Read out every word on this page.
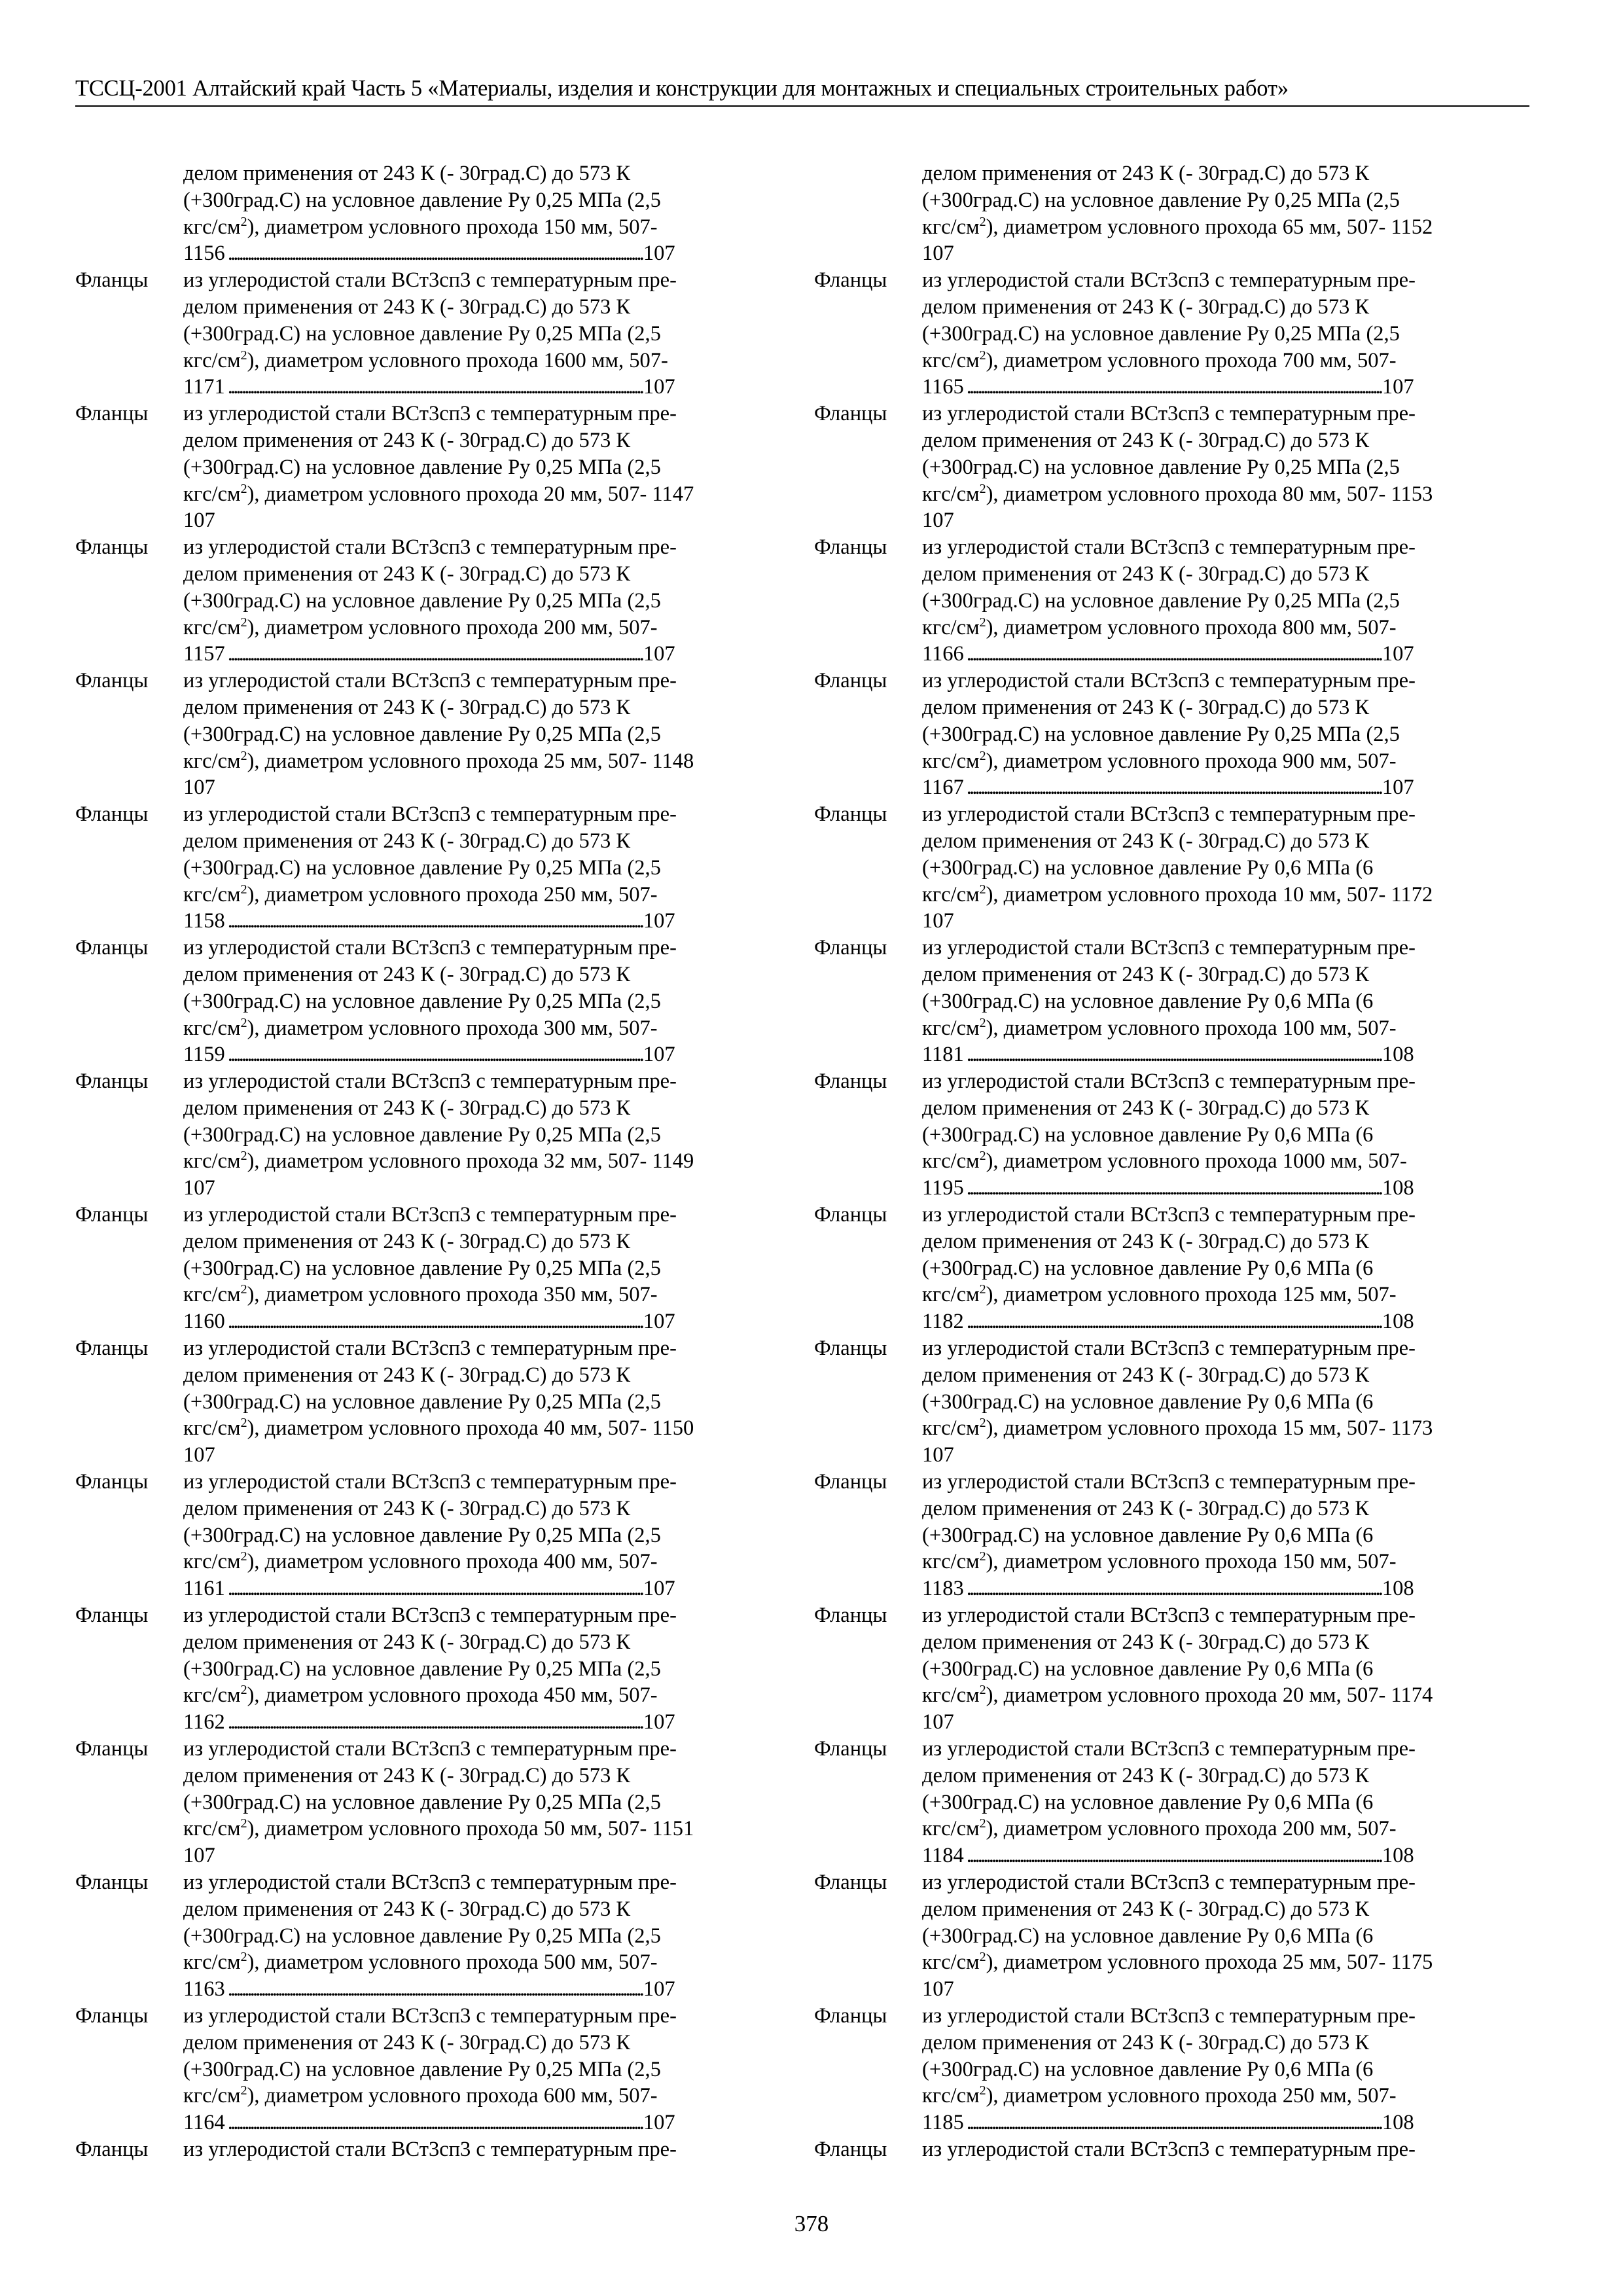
ТССЦ-2001 Алтайский край Часть 5 «Материалы, изделия и конструкции для монтажных и специальных строительных работ»
делом применения от 243 К (- 30град.С) до 573 К
(+300град.С) на условное давление Ру 0,25 МПа (2,5
кгс/$см^2$), диаметром условного прохода 150 мм, 507-
1156 . . .	107
Фланцы	из углеродистой стали ВСт3сп3 с температурным пре-
делом применения от 243 К (- 30град.С) до 573 К
(+300град.С) на условное давление Ру 0,25 МПа (2,5
кгс/$см^2$), диаметром условного прохода 1600 мм, 507-
1171 . . .	107
Фланцы	из углеродистой стали ВСт3сп3 с температурным пре-
делом применения от 243 К (- 30град.С) до 573 К
(+300град.С) на условное давление Ру 0,25 МПа (2,5
кгс/$см^2$), диаметром условного прохода 20 мм, 507- 1147
107
Фланцы	из углеродистой стали ВСт3сп3 с температурным пре-
делом применения от 243 К (- 30град.С) до 573 К
(+300град.С) на условное давление Ру 0,25 МПа (2,5
кгс/$см^2$), диаметром условного прохода 200 мм, 507-
1157 . . .	107
Фланцы	из углеродистой стали ВСт3сп3 с температурным пре-
делом применения от 243 К (- 30град.С) до 573 К
(+300град.С) на условное давление Ру 0,25 МПа (2,5
кгс/$см^2$), диаметром условного прохода 25 мм, 507- 1148
107
Фланцы	из углеродистой стали ВСт3сп3 с температурным пре-
делом применения от 243 К (- 30град.С) до 573 К
(+300град.С) на условное давление Ру 0,25 МПа (2,5
кгс/$см^2$), диаметром условного прохода 250 мм, 507-
1158 . . .	107
Фланцы	из углеродистой стали ВСт3сп3 с температурным пре-
делом применения от 243 К (- 30град.С) до 573 К
(+300град.С) на условное давление Ру 0,25 МПа (2,5
кгс/$см^2$), диаметром условного прохода 300 мм, 507-
1159 . . .	107
Фланцы	из углеродистой стали ВСт3сп3 с температурным пре-
делом применения от 243 К (- 30град.С) до 573 К
(+300град.С) на условное давление Ру 0,25 МПа (2,5
кгс/$см^2$), диаметром условного прохода 32 мм, 507- 1149
107
Фланцы	из углеродистой стали ВСт3сп3 с температурным пре-
делом применения от 243 К (- 30град.С) до 573 К
(+300град.С) на условное давление Ру 0,25 МПа (2,5
кгс/$см^2$), диаметром условного прохода 350 мм, 507-
1160 . . .	107
Фланцы	из углеродистой стали ВСт3сп3 с температурным пре-
делом применения от 243 К (- 30град.С) до 573 К
(+300град.С) на условное давление Ру 0,25 МПа (2,5
кгс/$см^2$), диаметром условного прохода 40 мм, 507- 1150
107
Фланцы	из углеродистой стали ВСт3сп3 с температурным пре-
делом применения от 243 К (- 30град.С) до 573 К
(+300град.С) на условное давление Ру 0,25 МПа (2,5
кгс/$см^2$), диаметром условного прохода 400 мм, 507-
1161 . . .	107
Фланцы	из углеродистой стали ВСт3сп3 с температурным пре-
делом применения от 243 К (- 30град.С) до 573 К
(+300град.С) на условное давление Ру 0,25 МПа (2,5
кгс/$см^2$), диаметром условного прохода 450 мм, 507-
1162 . . .	107
Фланцы	из углеродистой стали ВСт3сп3 с температурным пре-
делом применения от 243 К (- 30град.С) до 573 К
(+300град.С) на условное давление Ру 0,25 МПа (2,5
кгс/$см^2$), диаметром условного прохода 50 мм, 507- 1151
107
Фланцы	из углеродистой стали ВСт3сп3 с температурным пре-
делом применения от 243 К (- 30град.С) до 573 К
(+300град.С) на условное давление Ру 0,25 МПа (2,5
кгс/$см^2$), диаметром условного прохода 500 мм, 507-
1163 . . .	107
Фланцы	из углеродистой стали ВСт3сп3 с температурным пре-
делом применения от 243 К (- 30град.С) до 573 К
(+300град.С) на условное давление Ру 0,25 МПа (2,5
кгс/$см^2$), диаметром условного прохода 600 мм, 507-
1164 . . .	107
Фланцы	из углеродистой стали ВСт3сп3 с температурным пре-
делом применения от 243 К (- 30град.С) до 573 К
(+300град.С) на условное давление Ру 0,25 МПа (2,5
кгс/$см^2$), диаметром условного прохода 65 мм, 507- 1152
107
Фланцы	из углеродистой стали ВСт3сп3 с температурным пре-
делом применения от 243 К (- 30град.С) до 573 К
(+300град.С) на условное давление Ру 0,25 МПа (2,5
кгс/$см^2$), диаметром условного прохода 700 мм, 507-
1165 . . .	107
Фланцы	из углеродистой стали ВСт3сп3 с температурным пре-
делом применения от 243 К (- 30град.С) до 573 К
(+300град.С) на условное давление Ру 0,25 МПа (2,5
кгс/$см^2$), диаметром условного прохода 80 мм, 507- 1153
107
Фланцы	из углеродистой стали ВСт3сп3 с температурным пре-
делом применения от 243 К (- 30град.С) до 573 К
(+300град.С) на условное давление Ру 0,25 МПа (2,5
кгс/$см^2$), диаметром условного прохода 800 мм, 507-
1166 . . .	107
Фланцы	из углеродистой стали ВСт3сп3 с температурным пре-
делом применения от 243 К (- 30град.С) до 573 К
(+300град.С) на условное давление Ру 0,25 МПа (2,5
кгс/$см^2$), диаметром условного прохода 900 мм, 507-
1167 . . .	107
Фланцы	из углеродистой стали ВСт3сп3 с температурным пре-
делом применения от 243 К (- 30град.С) до 573 К
(+300град.С) на условное давление Ру 0,6 МПа (6
кгс/$см^2$), диаметром условного прохода 10 мм, 507- 1172
107
Фланцы	из углеродистой стали ВСт3сп3 с температурным пре-
делом применения от 243 К (- 30град.С) до 573 К
(+300град.С) на условное давление Ру 0,6 МПа (6
кгс/$см^2$), диаметром условного прохода 100 мм, 507-
1181 . . .	108
Фланцы	из углеродистой стали ВСт3сп3 с температурным пре-
делом применения от 243 К (- 30град.С) до 573 К
(+300град.С) на условное давление Ру 0,6 МПа (6
кгс/$см^2$), диаметром условного прохода 1000 мм, 507-
1195 . . .	108
Фланцы	из углеродистой стали ВСт3сп3 с температурным пре-
делом применения от 243 К (- 30град.С) до 573 К
(+300град.С) на условное давление Ру 0,6 МПа (6
кгс/$см^2$), диаметром условного прохода 125 мм, 507-
1182 . . .	108
Фланцы	из углеродистой стали ВСт3сп3 с температурным пре-
делом применения от 243 К (- 30град.С) до 573 К
(+300град.С) на условное давление Ру 0,6 МПа (6
кгс/$см^2$), диаметром условного прохода 15 мм, 507- 1173
107
Фланцы	из углеродистой стали ВСт3сп3 с температурным пре-
делом применения от 243 К (- 30град.С) до 573 К
(+300град.С) на условное давление Ру 0,6 МПа (6
кгс/$см^2$), диаметром условного прохода 150 мм, 507-
1183 . . .	108
Фланцы	из углеродистой стали ВСт3сп3 с температурным пре-
делом применения от 243 К (- 30град.С) до 573 К
(+300град.С) на условное давление Ру 0,6 МПа (6
кгс/$см^2$), диаметром условного прохода 20 мм, 507- 1174
107
Фланцы	из углеродистой стали ВСт3сп3 с температурным пре-
делом применения от 243 К (- 30град.С) до 573 К
(+300град.С) на условное давление Ру 0,6 МПа (6
кгс/$см^2$), диаметром условного прохода 200 мм, 507-
1184 . . .	108
Фланцы	из углеродистой стали ВСт3сп3 с температурным пре-
делом применения от 243 К (- 30град.С) до 573 К
(+300град.С) на условное давление Ру 0,6 МПа (6
кгс/$см^2$), диаметром условного прохода 25 мм, 507- 1175
107
Фланцы	из углеродистой стали ВСт3сп3 с температурным пре-
делом применения от 243 К (- 30град.С) до 573 К
(+300град.С) на условное давление Ру 0,6 МПа (6
кгс/$см^2$), диаметром условного прохода 250 мм, 507-
1185 . . .	108
Фланцы	из углеродистой стали ВСт3сп3 с температурным пре-
378
